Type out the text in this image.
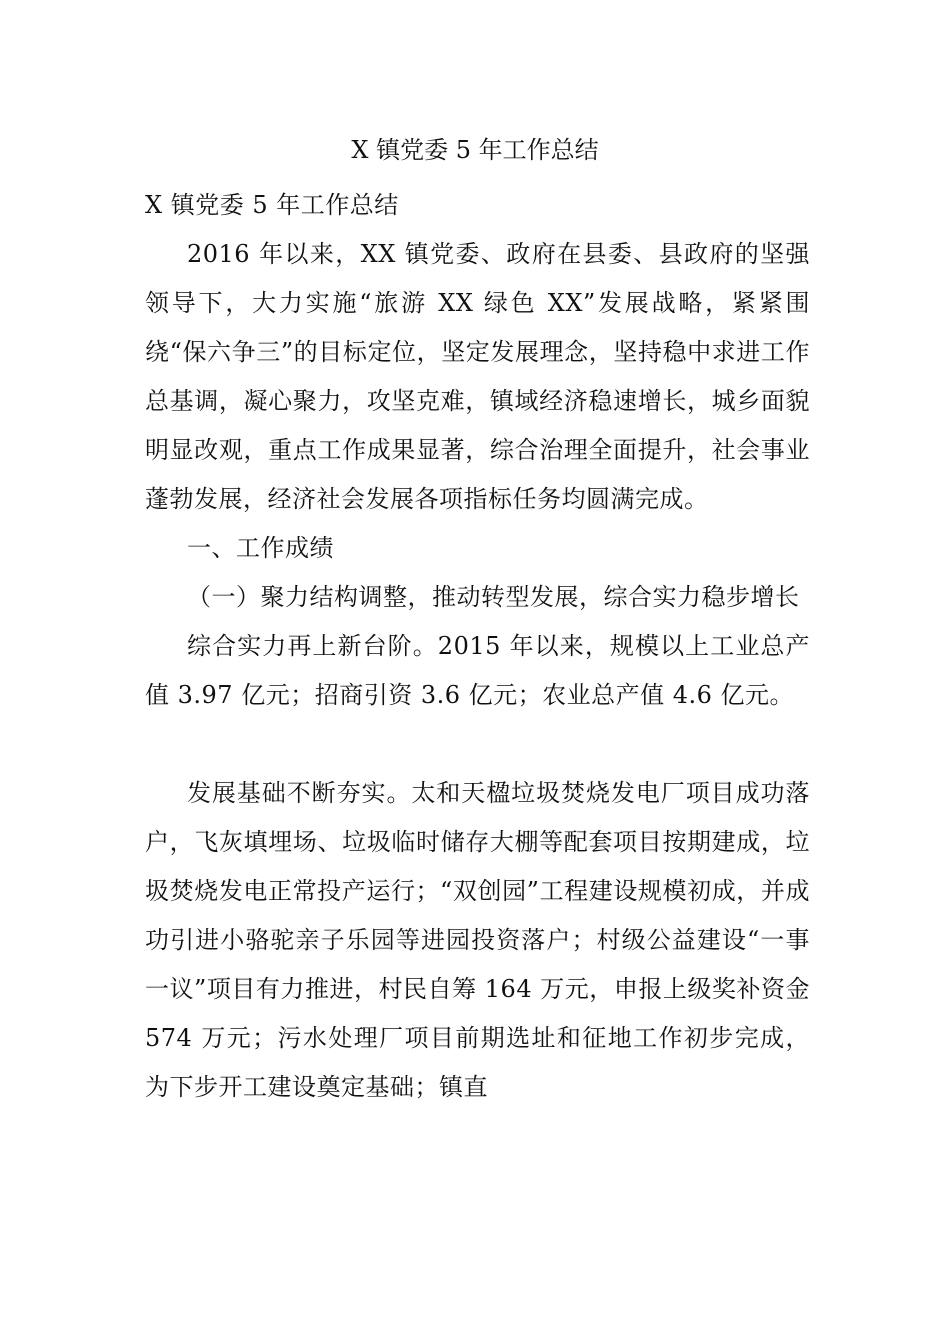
X 镇党委 5 年工作总结

X 镇党委 5 年工作总结

2016 年以来，XX 镇党委、政府在县委、县政府的坚强领导下，大力实施“旅游 XX 绿色 XX”发展战略，紧紧围绕“保六争三”的目标定位，坚定发展理念，坚持稳中求进工作总基调，凝心聚力，攻坚克难，镇域经济稳速增长，城乡面貌明显改观，重点工作成果显著，综合治理全面提升，社会事业蓬勃发展，经济社会发展各项指标任务均圆满完成。

一、工作成绩

（一）聚力结构调整，推动转型发展，综合实力稳步增长

综合实力再上新台阶。2015 年以来，规模以上工业总产值 3.97 亿元；招商引资 3.6 亿元；农业总产值 4.6 亿元。

发展基础不断夯实。太和天楹垃圾焚烧发电厂项目成功落户，飞灰填埋场、垃圾临时储存大棚等配套项目按期建成，垃圾焚烧发电正常投产运行；“双创园”工程建设规模初成，并成功引进小骆驼亲子乐园等进园投资落户；村级公益建设“一事一议”项目有力推进，村民自筹 164 万元，申报上级奖补资金 574 万元；污水处理厂项目前期选址和征地工作初步完成，为下步开工建设奠定基础；镇直
